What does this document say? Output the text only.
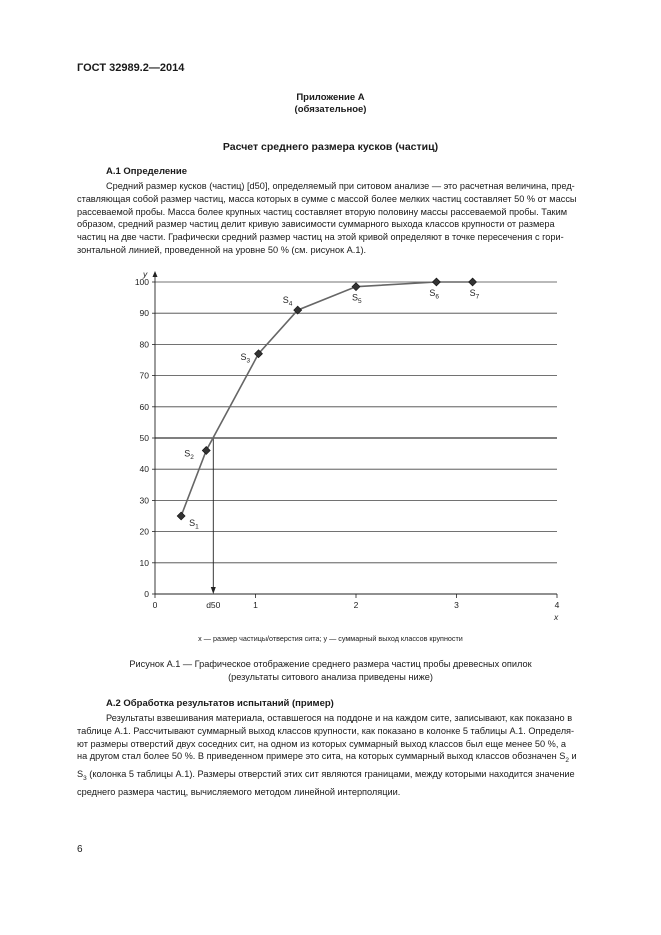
ГОСТ 32989.2—2014
Приложение А
(обязательное)
Расчет среднего размера кусков (частиц)
А.1 Определение

Средний размер кусков (частиц) [d50], определяемый при ситовом анализе — это расчетная величина, пред-

ставляющая собой размер частиц, масса которых в сумме с массой более мелких частиц составляет 50 % от массы

рассеваемой пробы. Масса более крупных частиц составляет вторую половину массы рассеваемой пробы. Таким

образом, средний размер частиц делит кривую зависимости суммарного выхода классов крупности от размера

частиц на две части. Графически средний размер частиц на этой кривой определяют в точке пересечения с гори-

зонтальной линией, проведенной на уровне 50 % (см. рисунок А.1).

0
10
20
30
40
50
60
70
80
90
100
0	1	2	3	4
y
x
d50
$S_1$
$S_2$
$S_3$
$S_4$
$S_5$
$S_6$	$S_7$
x — размер частицы/отверстия сита; y — суммарный выход классов крупности
Рисунок А.1 — Графическое отображение среднего размера частиц пробы древесных опилок
(результаты ситового анализа приведены ниже)
А.2 Обработка результатов испытаний (пример)

Результаты взвешивания материала, оставшегося на поддоне и на каждом сите, записывают, как показано в

таблице А.1. Рассчитывают суммарный выход классов крупности, как показано в колонке 5 таблицы А.1. Определя-

ют размеры отверстий двух соседних сит, на одном из которых суммарный выход классов был еще менее 50 %, а

на другом стал более 50 %. В приведенном примере это сита, на которых суммарный выход классов обозначен $S_2$ и

$S_3$ (колонка 5 таблицы А.1). Размеры отверстий этих сит являются границами, между которыми находится значение

среднего размера частиц, вычисляемого методом линейной интерполяции.

6
